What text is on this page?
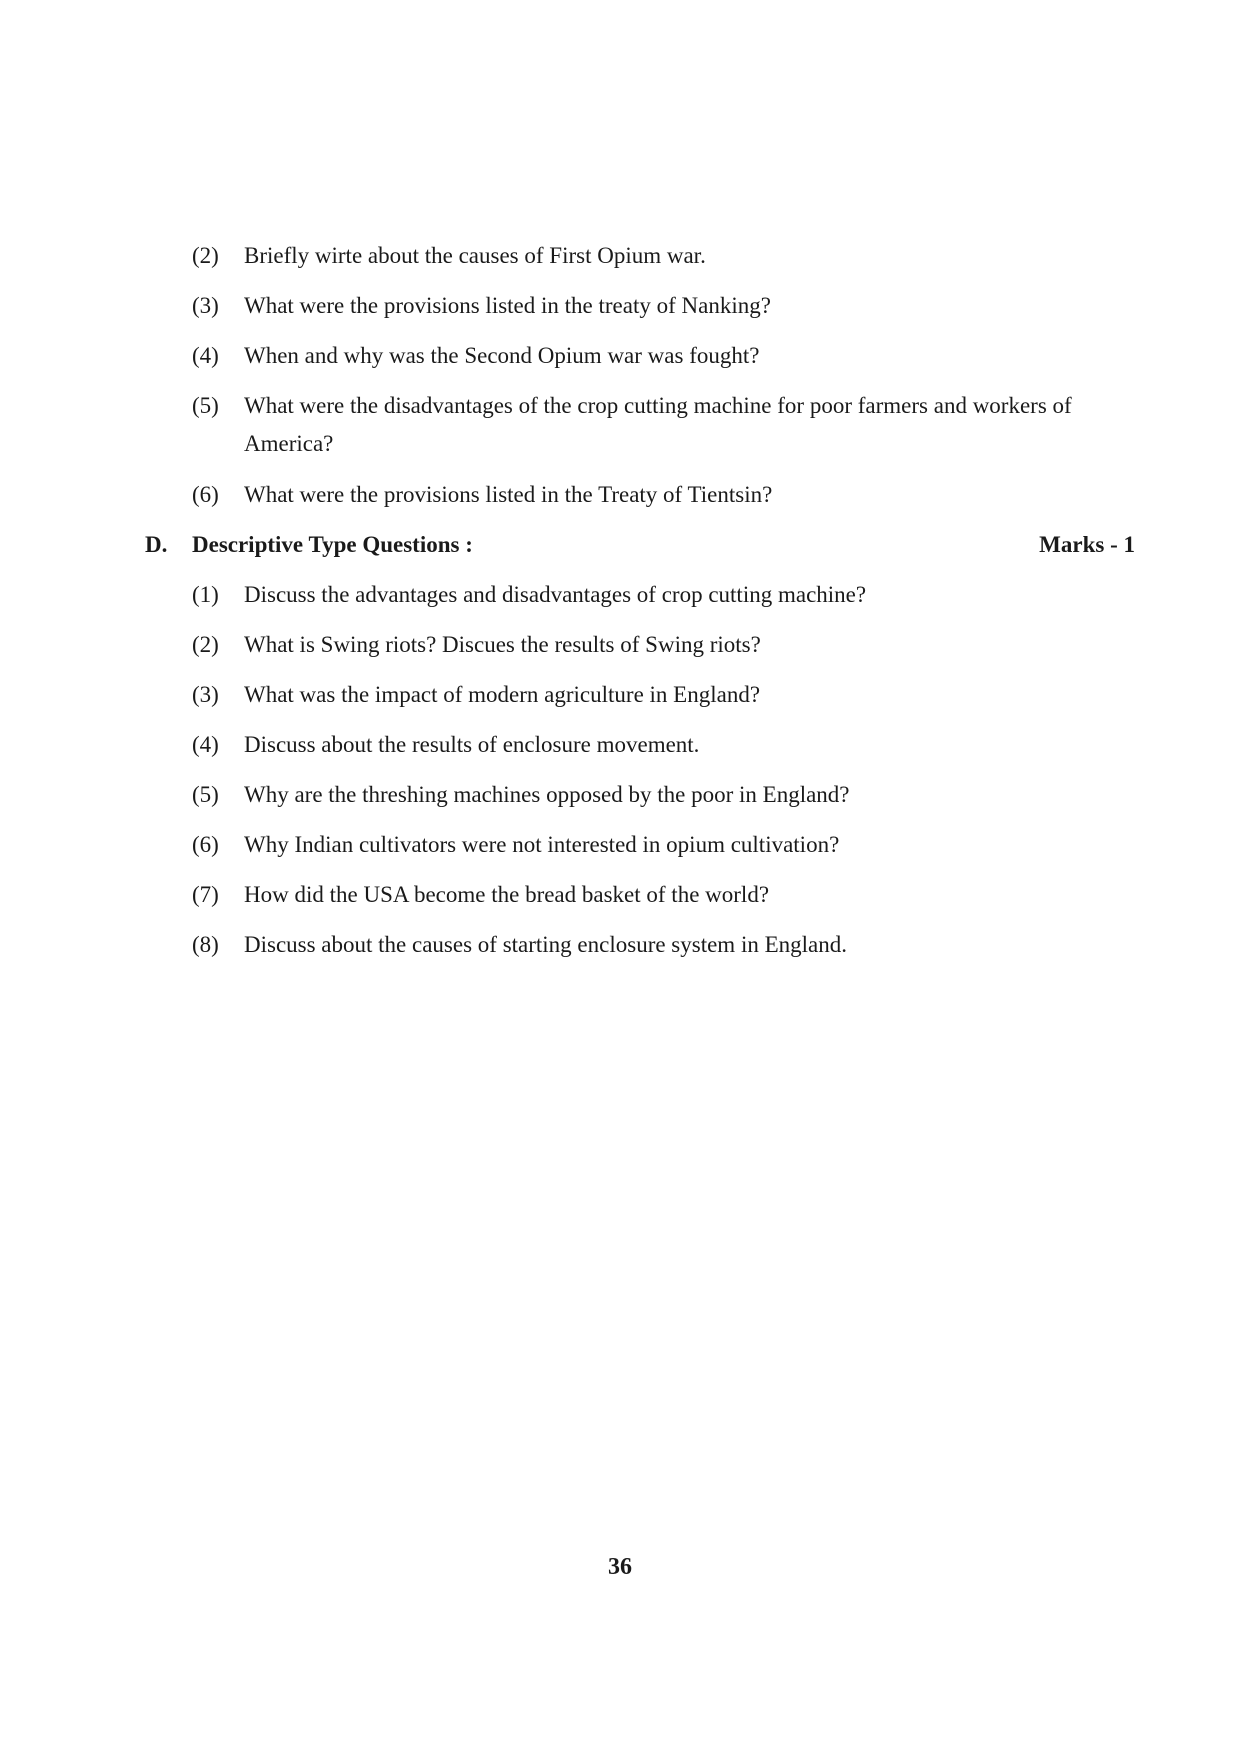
(2)	Briefly wirte about the causes of First Opium war.
(3)	What were the provisions listed in the treaty of Nanking?
(4)	When and why was the Second Opium war was fought?
(5)	What were the disadvantages of the crop cutting machine for poor farmers and workers of America?
(6)	What were the provisions listed in the Treaty of Tientsin?
D. Descriptive Type Questions :	Marks - 1
(1)	Discuss the advantages and disadvantages of crop cutting machine?
(2)	What is Swing riots? Discues the results of Swing riots?
(3)	What was the impact of modern agriculture in England?
(4)	Discuss about the results of enclosure movement.
(5)	Why are the threshing machines opposed by the poor in England?
(6)	Why Indian cultivators were not interested in opium cultivation?
(7)	How did the USA become the bread basket of the world?
(8)	Discuss about the causes of starting enclosure system in England.
36
